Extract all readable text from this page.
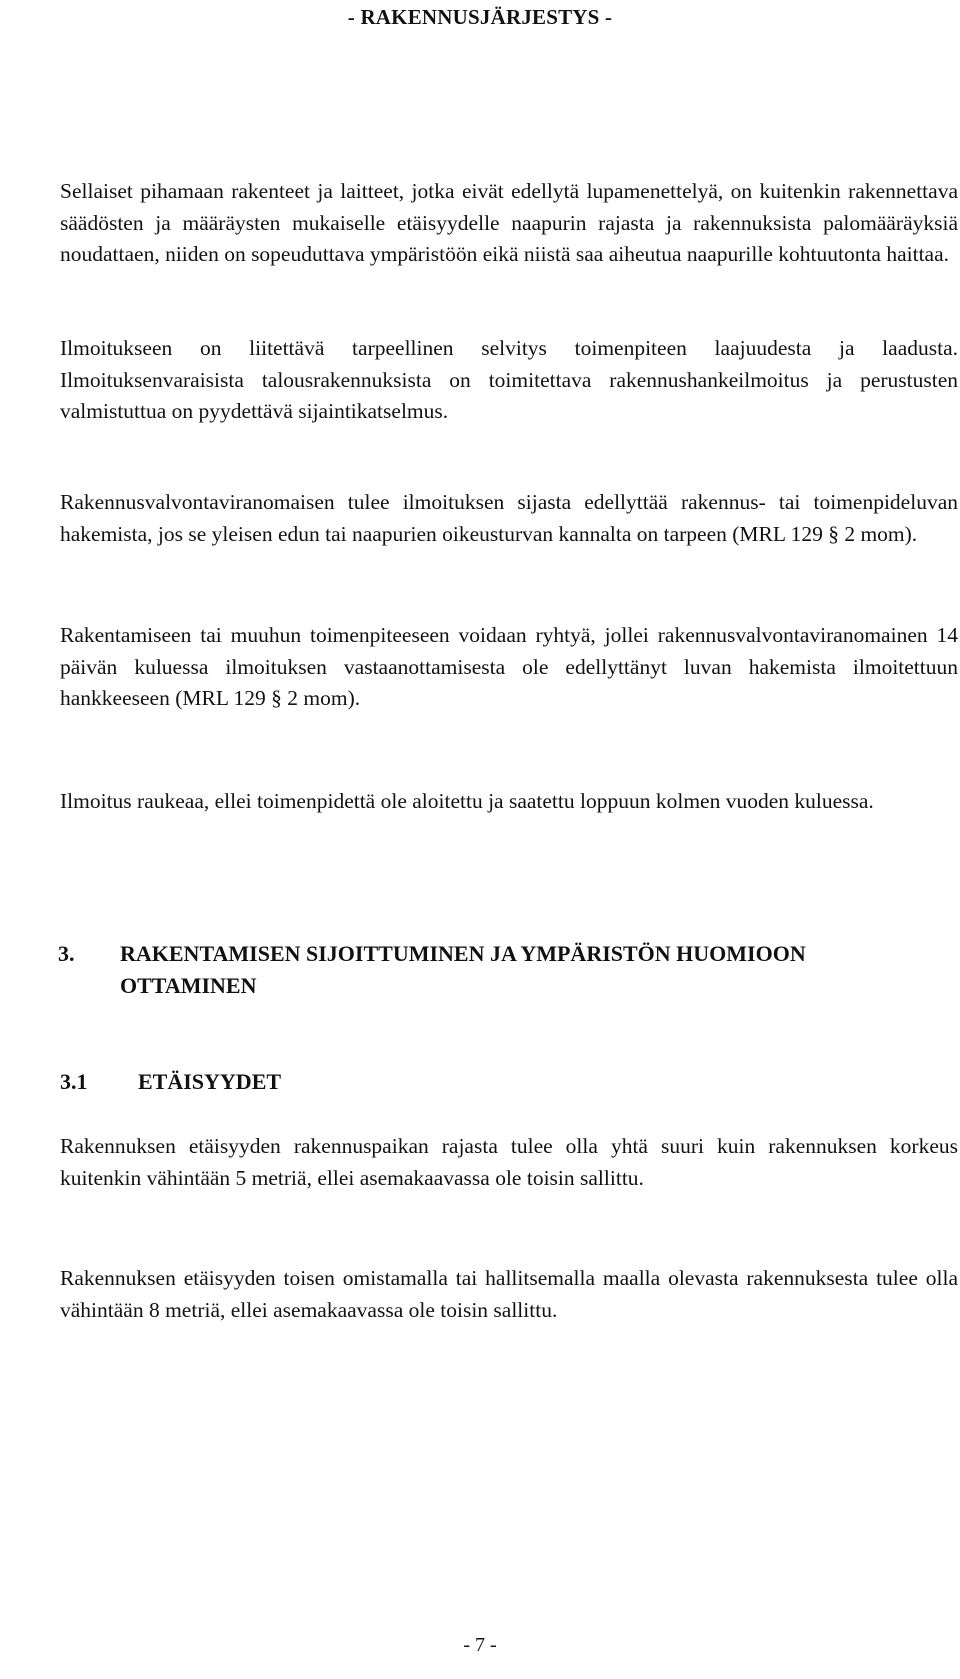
- RAKENNUSJÄRJESTYS -

Sellaiset pihamaan rakenteet ja laitteet, jotka eivät edellytä lupamenettelyä, on kuitenkin rakennettava säädösten ja määräysten mukaiselle etäisyydelle naapurin rajasta ja rakennuksista palomääräyksiä noudattaen, niiden on sopeuduttava ympäristöön eikä niistä saa aiheutua naapurille kohtuutonta haittaa.

Ilmoitukseen on liitettävä tarpeellinen selvitys toimenpiteen laajuudesta ja laadusta. Ilmoituksenvaraisista talousrakennuksista on toimitettava rakennushankeilmoitus ja perustusten valmistuttua on pyydettävä sijaintikatselmus.

Rakennusvalvontaviranomaisen tulee ilmoituksen sijasta edellyttää rakennus- tai toimenpideluvan hakemista, jos se yleisen edun tai naapurien oikeusturvan kannalta on tarpeen (MRL 129 § 2 mom).

Rakentamiseen tai muuhun toimenpiteeseen voidaan ryhtyä, jollei rakennusvalvontaviranomainen 14 päivän kuluessa ilmoituksen vastaanottamisesta ole edellyttänyt luvan hakemista ilmoitettuun hankkeeseen (MRL 129 § 2 mom).

Ilmoitus raukeaa, ellei toimenpidettä ole aloitettu ja saatettu loppuun kolmen vuoden kuluessa.

3. RAKENTAMISEN SIJOITTUMINEN JA YMPÄRISTÖN HUOMIOON OTTAMINEN
3.1 ETÄISYYDET

Rakennuksen etäisyyden rakennuspaikan rajasta tulee olla yhtä suuri kuin rakennuksen korkeus kuitenkin vähintään 5 metriä, ellei asemakaavassa ole toisin sallittu.

Rakennuksen etäisyyden toisen omistamalla tai hallitsemalla maalla olevasta rakennuksesta tulee olla vähintään 8 metriä, ellei asemakaavassa ole toisin sallittu.

- 7 -
